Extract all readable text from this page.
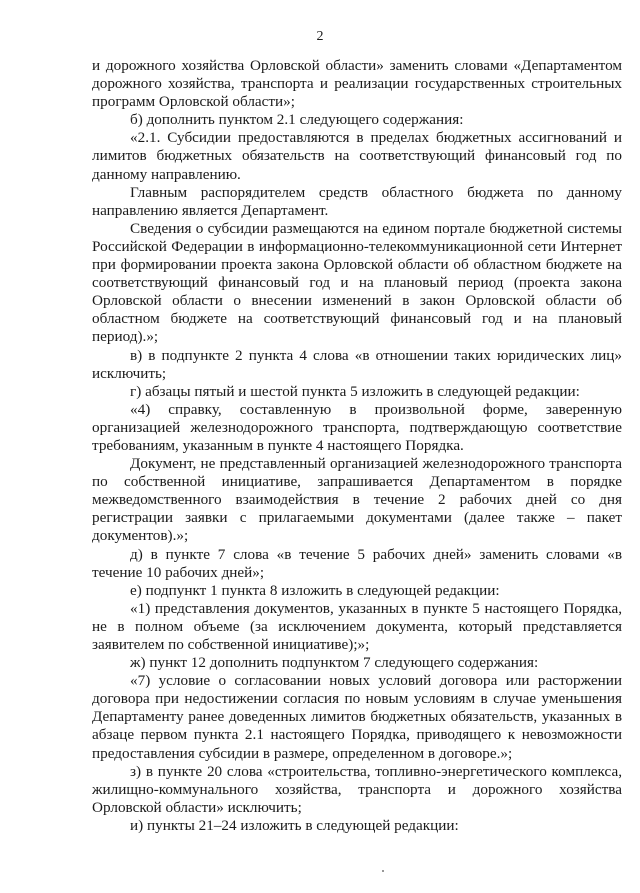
2

и дорожного хозяйства Орловской области» заменить словами «Департаментом дорожного хозяйства, транспорта и реализации государственных строительных программ Орловской области»;

б) дополнить пунктом 2.1 следующего содержания:

«2.1. Субсидии предоставляются в пределах бюджетных ассигнований и лимитов бюджетных обязательств на соответствующий финансовый год по данному направлению.

Главным распорядителем средств областного бюджета по данному направлению является Департамент.

Сведения о субсидии размещаются на едином портале бюджетной системы Российской Федерации в информационно-телекоммуникационной сети Интернет при формировании проекта закона Орловской области об областном бюджете на соответствующий финансовый год и на плановый период (проекта закона Орловской области о внесении изменений в закон Орловской области об областном бюджете на соответствующий финансовый год и на плановый период).»;

в) в подпункте 2 пункта 4 слова «в отношении таких юридических лиц» исключить;

г) абзацы пятый и шестой пункта 5 изложить в следующей редакции:

«4) справку, составленную в произвольной форме, заверенную организацией железнодорожного транспорта, подтверждающую соответствие требованиям, указанным в пункте 4 настоящего Порядка.

Документ, не представленный организацией железнодорожного транспорта по собственной инициативе, запрашивается Департаментом в порядке межведомственного взаимодействия в течение 2 рабочих дней со дня регистрации заявки с прилагаемыми документами (далее также – пакет документов).»;

д) в пункте 7 слова «в течение 5 рабочих дней» заменить словами «в течение 10 рабочих дней»;

е) подпункт 1 пункта 8 изложить в следующей редакции:

«1) представления документов, указанных в пункте 5 настоящего Порядка, не в полном объеме (за исключением документа, который представляется заявителем по собственной инициативе);»;

ж) пункт 12 дополнить подпунктом 7 следующего содержания:

«7) условие о согласовании новых условий договора или расторжении договора при недостижении согласия по новым условиям в случае уменьшения Департаменту ранее доведенных лимитов бюджетных обязательств, указанных в абзаце первом пункта 2.1 настоящего Порядка, приводящего к невозможности предоставления субсидии в размере, определенном в договоре.»;

з) в пункте 20 слова «строительства, топливно-энергетического комплекса, жилищно-коммунального хозяйства, транспорта и дорожного хозяйства Орловской области» исключить;

и) пункты 21–24 изложить в следующей редакции:
